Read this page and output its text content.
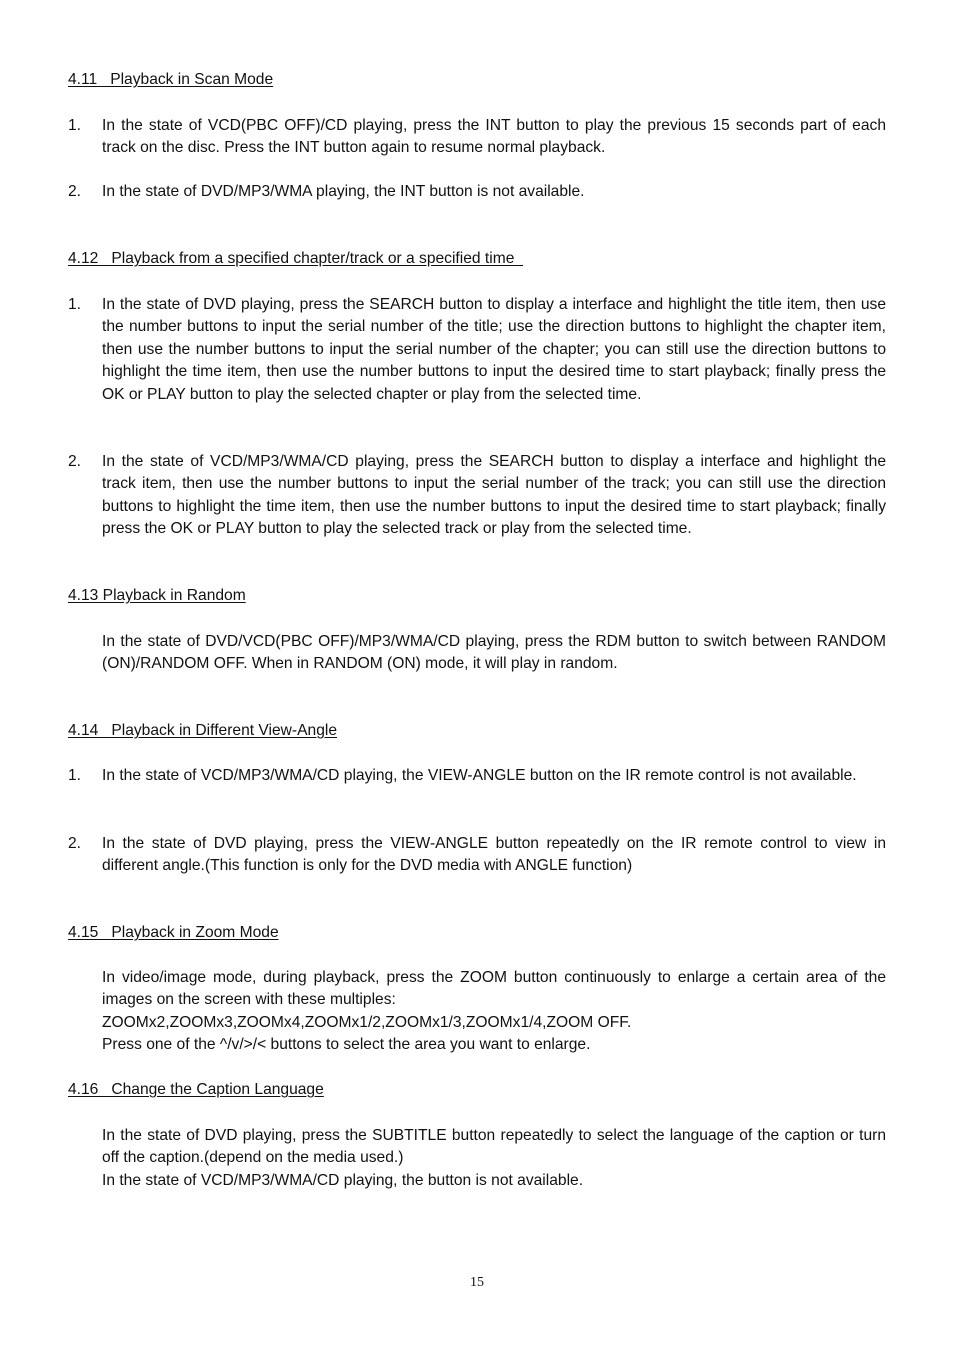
4.11   Playback in Scan Mode
1.	In the state of VCD(PBC OFF)/CD playing, press the INT button to play the previous 15 seconds part of each track on the disc. Press the INT button again to resume normal playback.
2.	In the state of DVD/MP3/WMA playing, the INT button is not available.
4.12   Playback from a specified chapter/track or a specified time
1.	In the state of DVD playing, press the SEARCH button to display a interface and highlight the title item, then use the number buttons to input the serial number of the title; use the direction buttons to highlight the chapter item, then use the number buttons to input the serial number of the chapter; you can still use the direction buttons to highlight the time item, then use the number buttons to input the desired time to start playback; finally press the OK or PLAY button to play the selected chapter or play from the selected time.
2.	In the state of VCD/MP3/WMA/CD playing, press the SEARCH button to display a interface and highlight the track item, then use the number buttons to input the serial number of the track; you can still use the direction buttons to highlight the time item, then use the number buttons to input the desired time to start playback; finally press the OK or PLAY button to play the selected track or play from the selected time.
4.13 Playback in Random

In the state of DVD/VCD(PBC OFF)/MP3/WMA/CD playing, press the RDM button to switch between RANDOM (ON)/RANDOM OFF. When in RANDOM (ON) mode, it will play in random.

4.14   Playback in Different View-Angle
1.	In the state of VCD/MP3/WMA/CD playing, the VIEW-ANGLE button on the IR remote control is not available.
2.	In the state of DVD playing, press the VIEW-ANGLE button repeatedly on the IR remote control to view in different angle.(This function is only for the DVD media with ANGLE function)
4.15   Playback in Zoom Mode

In video/image mode, during playback, press the ZOOM button continuously to enlarge a certain area of the images on the screen with these multiples:

ZOOMx2,ZOOMx3,ZOOMx4,ZOOMx1/2,ZOOMx1/3,ZOOMx1/4,ZOOM OFF.

Press one of the ^/v/>/< buttons to select the area you want to enlarge.

4.16   Change the Caption Language

In the state of DVD playing, press the SUBTITLE button repeatedly to select the language of the caption or turn off the caption.(depend on the media used.)

In the state of VCD/MP3/WMA/CD playing, the button is not available.

15
